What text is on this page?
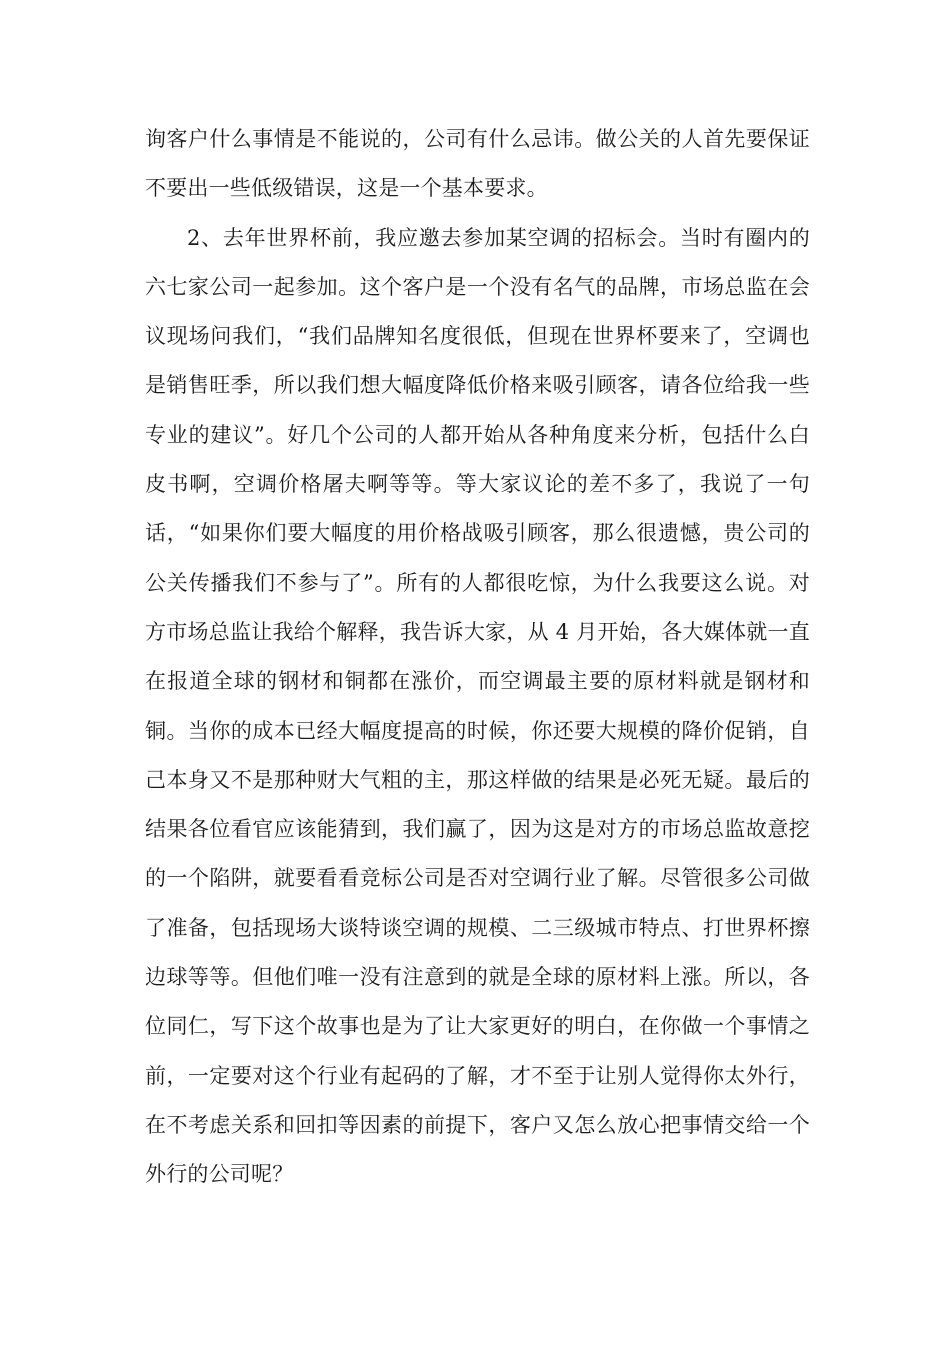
询客户什么事情是不能说的，公司有什么忌讳。做公关的人首先要保证不要出一些低级错误，这是一个基本要求。

2、去年世界杯前，我应邀去参加某空调的招标会。当时有圈内的六七家公司一起参加。这个客户是一个没有名气的品牌，市场总监在会议现场问我们，“我们品牌知名度很低，但现在世界杯要来了，空调也是销售旺季，所以我们想大幅度降低价格来吸引顾客，请各位给我一些专业的建议”。好几个公司的人都开始从各种角度来分析，包括什么白皮书啊，空调价格屠夫啊等等。等大家议论的差不多了，我说了一句话，“如果你们要大幅度的用价格战吸引顾客，那么很遗憾，贵公司的公关传播我们不参与了”。所有的人都很吃惊，为什么我要这么说。对方市场总监让我给个解释，我告诉大家，从 4 月开始，各大媒体就一直在报道全球的钢材和铜都在涨价，而空调最主要的原材料就是钢材和铜。当你的成本已经大幅度提高的时候，你还要大规模的降价促销，自己本身又不是那种财大气粗的主，那这样做的结果是必死无疑。最后的结果各位看官应该能猜到，我们赢了，因为这是对方的市场总监故意挖的一个陷阱，就要看看竞标公司是否对空调行业了解。尽管很多公司做了准备，包括现场大谈特谈空调的规模、二三级城市特点、打世界杯擦边球等等。但他们唯一没有注意到的就是全球的原材料上涨。所以，各位同仁，写下这个故事也是为了让大家更好的明白，在你做一个事情之前，一定要对这个行业有起码的了解，才不至于让别人觉得你太外行，在不考虑关系和回扣等因素的前提下，客户又怎么放心把事情交给一个外行的公司呢？
